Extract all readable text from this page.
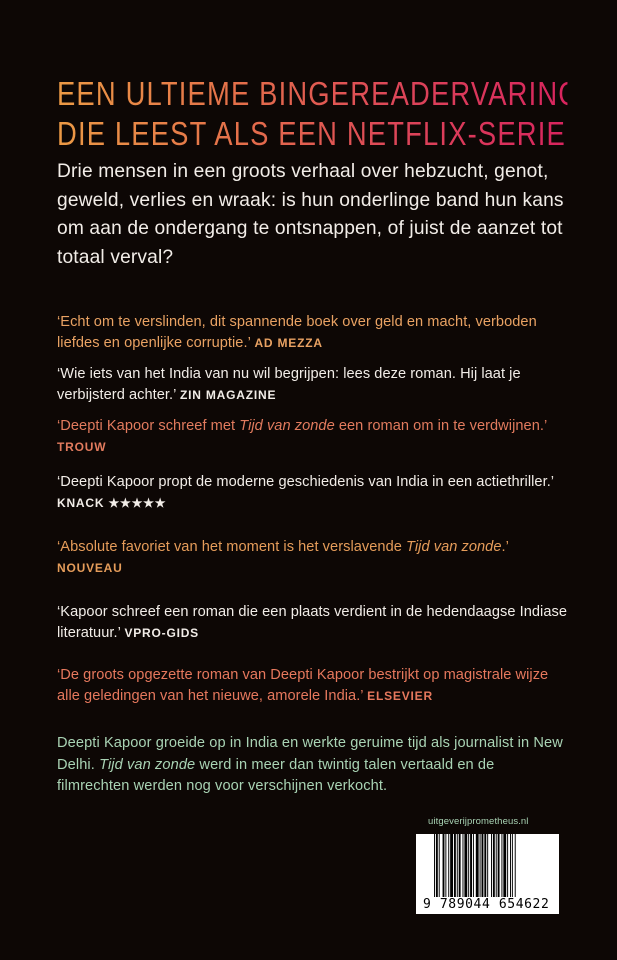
EEN ULTIEME BINGEREADERVARING
DIE LEEST ALS EEN NETFLIX-SERIE

Drie mensen in een groots verhaal over hebzucht, genot, geweld, verlies en wraak: is hun onderlinge band hun kans om aan de ondergang te ontsnappen, of juist de aanzet tot totaal verval?

‘Echt om te verslinden, dit spannende boek over geld en macht, verboden liefdes en openlijke corruptie.’ AD MEZZA
‘Wie iets van het India van nu wil begrijpen: lees deze roman. Hij laat je verbijsterd achter.’ ZIN MAGAZINE
‘Deepti Kapoor schreef met Tijd van zonde een roman om in te verdwijnen.’ TROUW
‘Deepti Kapoor propt de moderne geschiedenis van India in een actiethriller.’ KNACK ★★★★★
‘Absolute favoriet van het moment is het verslavende Tijd van zonde.’ NOUVEAU
‘Kapoor schreef een roman die een plaats verdient in de hedendaagse Indiase literatuur.’ VPRO-GIDS
‘De groots opgezette roman van Deepti Kapoor bestrijkt op magistrale wijze alle geledingen van het nieuwe, amorele India.’ ELSEVIER

Deepti Kapoor groeide op in India en werkte geruime tijd als journalist in New Delhi. Tijd van zonde werd in meer dan twintig talen vertaald en de filmrechten werden nog voor verschijnen verkocht.

uitgeverijprometheus.nl
9 789044 654622
